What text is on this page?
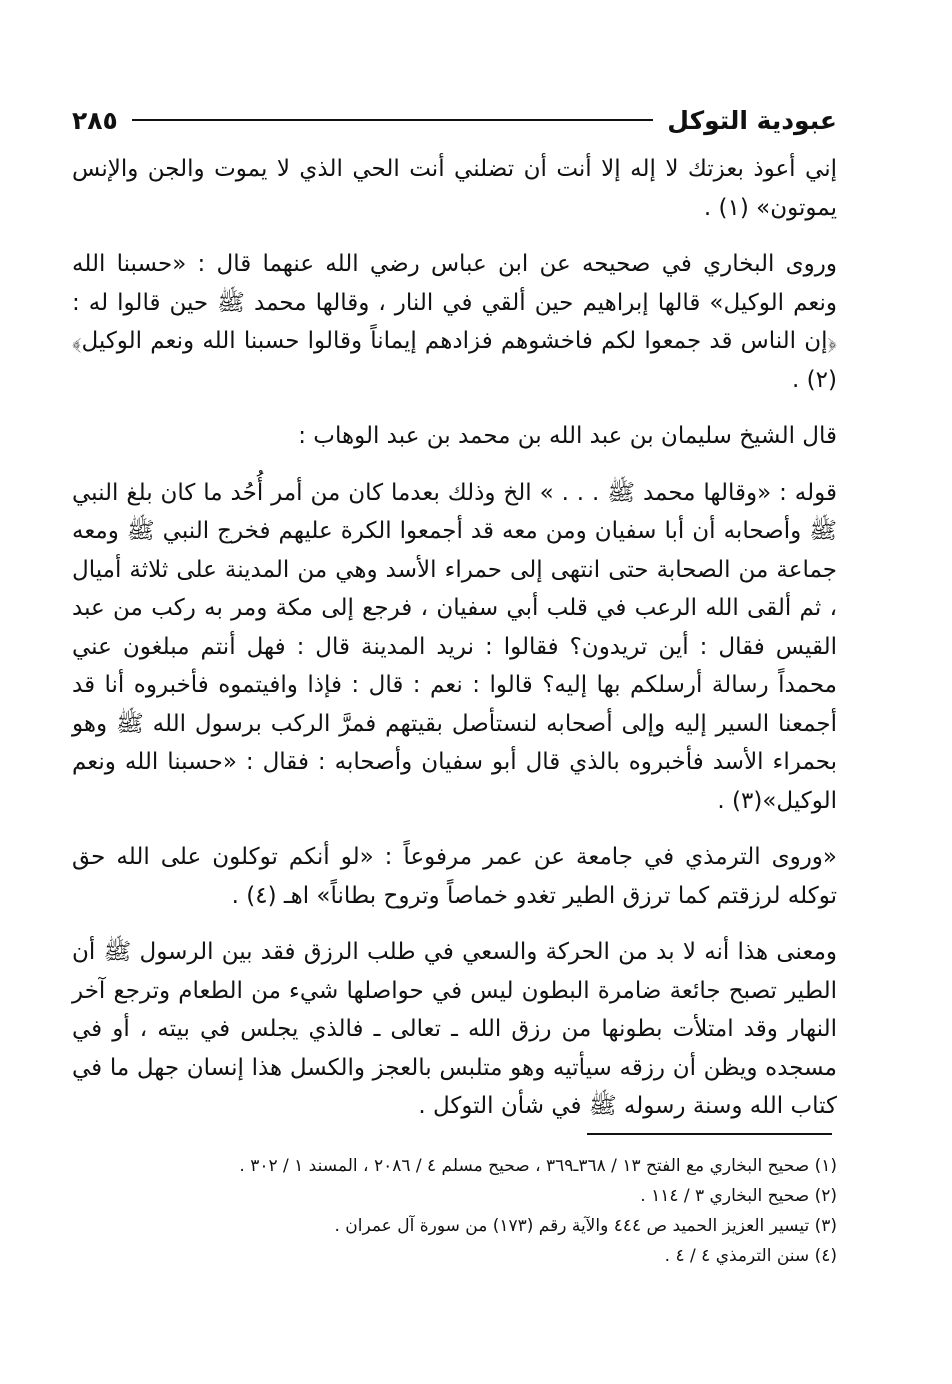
عبودية التوكل
٢٨٥

إني أعوذ بعزتك لا إله إلا أنت أن تضلني أنت الحي الذي لا يموت والجن والإنس يموتون» (١) .

وروى البخاري في صحيحه عن ابن عباس رضي الله عنهما قال : «حسبنا الله ونعم الوكيل» قالها إبراهيم حين ألقي في النار ، وقالها محمد ﷺ حين قالوا له : ﴿إن الناس قد جمعوا لكم فاخشوهم فزادهم إيماناً وقالوا حسبنا الله ونعم الوكيل﴾(٢) .

قال الشيخ سليمان بن عبد الله بن محمد بن عبد الوهاب :

قوله : «وقالها محمد ﷺ . . . » الخ وذلك بعدما كان من أمر أُحُد ما كان بلغ النبي ﷺ وأصحابه أن أبا سفيان ومن معه قد أجمعوا الكرة عليهم فخرج النبي ﷺ ومعه جماعة من الصحابة حتى انتهى إلى حمراء الأسد وهي من المدينة على ثلاثة أميال ، ثم ألقى الله الرعب في قلب أبي سفيان ، فرجع إلى مكة ومر به ركب من عبد القيس فقال : أين تريدون؟ فقالوا : نريد المدينة قال : فهل أنتم مبلغون عني محمداً رسالة أرسلكم بها إليه؟ قالوا : نعم : قال : فإذا وافيتموه فأخبروه أنا قد أجمعنا السير إليه وإلى أصحابه لنستأصل بقيتهم فمرَّ الركب برسول الله ﷺ وهو بحمراء الأسد فأخبروه بالذي قال أبو سفيان وأصحابه : فقال : «حسبنا الله ونعم الوكيل»(٣) .

«وروى الترمذي في جامعة عن عمر مرفوعاً : «لو أنكم توكلون على الله حق توكله لرزقتم كما ترزق الطير تغدو خماصاً وتروح بطاناً» اهـ (٤) .

ومعنى هذا أنه لا بد من الحركة والسعي في طلب الرزق فقد بين الرسول ﷺ أن الطير تصبح جائعة ضامرة البطون ليس في حواصلها شيء من الطعام وترجع آخر النهار وقد امتلأت بطونها من رزق الله ـ تعالى ـ فالذي يجلس في بيته ، أو في مسجده ويظن أن رزقه سيأتيه وهو متلبس بالعجز والكسل هذا إنسان جهل ما في كتاب الله وسنة رسوله ﷺ في شأن التوكل .

(١) صحيح البخاري مع الفتح ١٣ / ٣٦٨ـ٣٦٩ ، صحيح مسلم ٤ / ٢٠٨٦ ، المسند ١ / ٣٠٢ .
(٢) صحيح البخاري ٣ / ١١٤ .
(٣) تيسير العزيز الحميد ص ٤٤٤ والآية رقم (١٧٣) من سورة آل عمران .
(٤) سنن الترمذي ٤ / ٤ .
